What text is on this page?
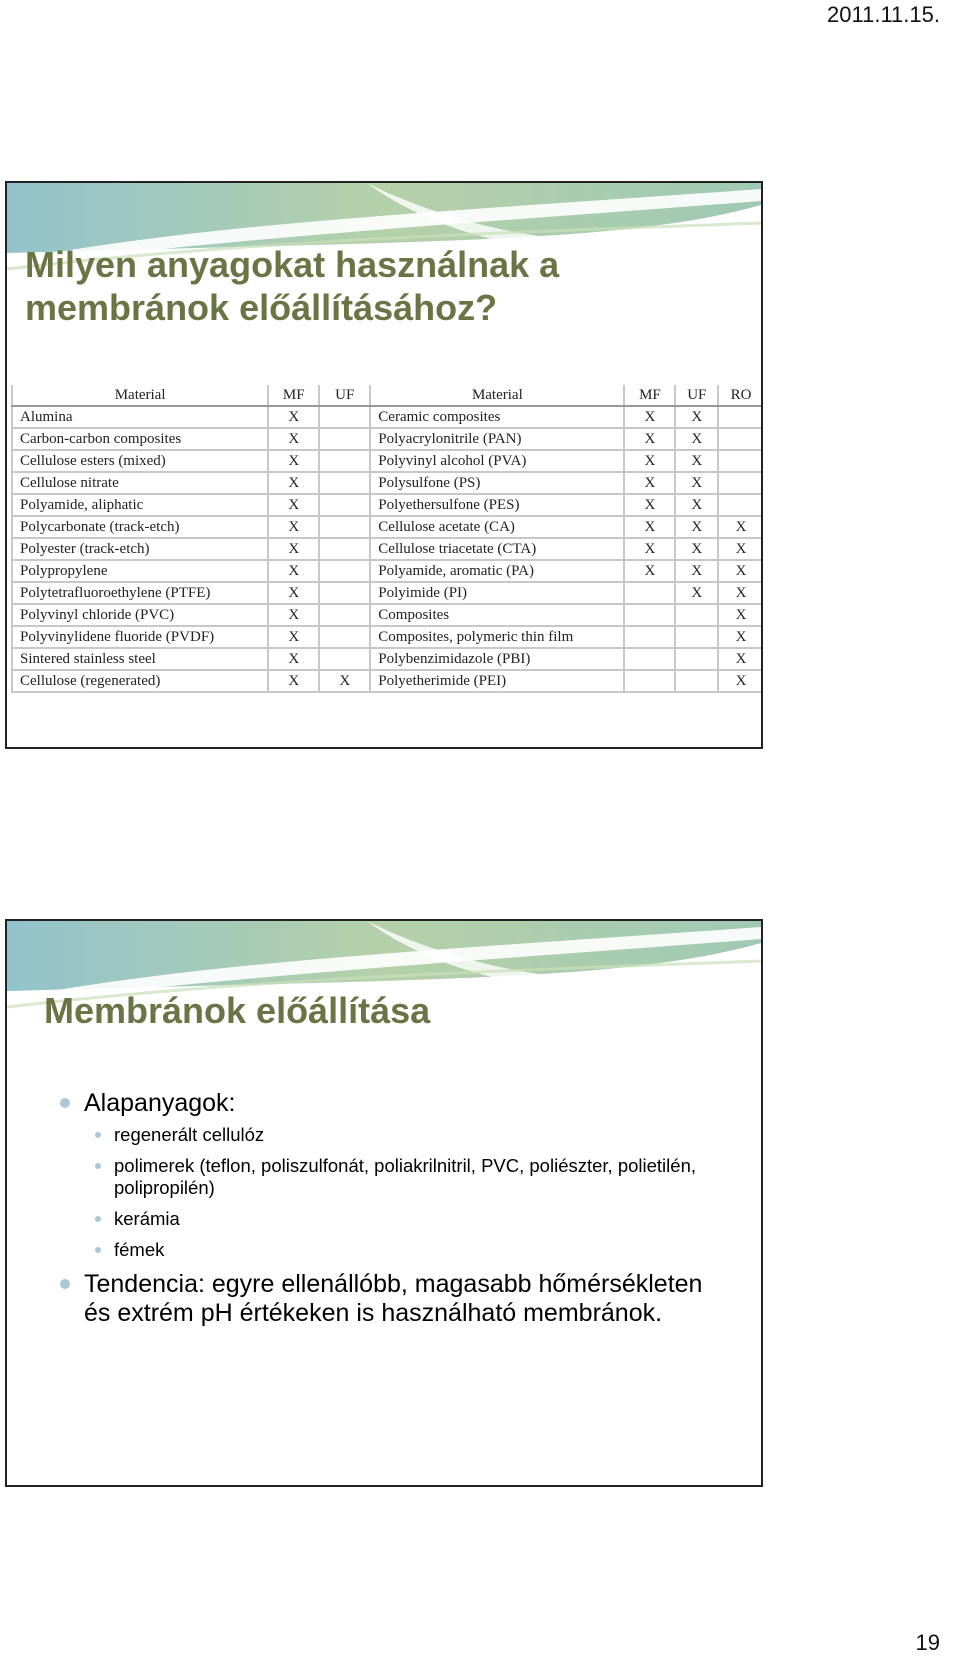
2011.11.15.
Milyen anyagokat használnak a membránok előállításához?
Material	MF	UF	Material	MF	UF	RO
Alumina	X		Ceramic composites	X	X	
Carbon-carbon composites	X		Polyacrylonitrile (PAN)	X	X	
Cellulose esters (mixed)	X		Polyvinyl alcohol (PVA)	X	X	
Cellulose nitrate	X		Polysulfone (PS)	X	X	
Polyamide, aliphatic	X		Polyethersulfone (PES)	X	X	
Polycarbonate (track-etch)	X		Cellulose acetate (CA)	X	X	X
Polyester (track-etch)	X		Cellulose triacetate (CTA)	X	X	X
Polypropylene	X		Polyamide, aromatic (PA)	X	X	X
Polytetrafluoroethylene (PTFE)	X		Polyimide (PI)		X	X
Polyvinyl chloride (PVC)	X		Composites			X
Polyvinylidene fluoride (PVDF)	X		Composites, polymeric thin film			X
Sintered stainless steel	X		Polybenzimidazole (PBI)			X
Cellulose (regenerated)	X	X	Polyetherimide (PEI)			X
Membránok előállítása
Alapanyagok:
regenerált cellulóz
polimerek (teflon, poliszulfonát, poliakrilnitril, PVC, poliészter, polietilén, polipropilén)
kerámia
fémek
Tendencia: egyre ellenállóbb, magasabb hőmérsékleten és extrém pH értékeken is használható membránok.
19
